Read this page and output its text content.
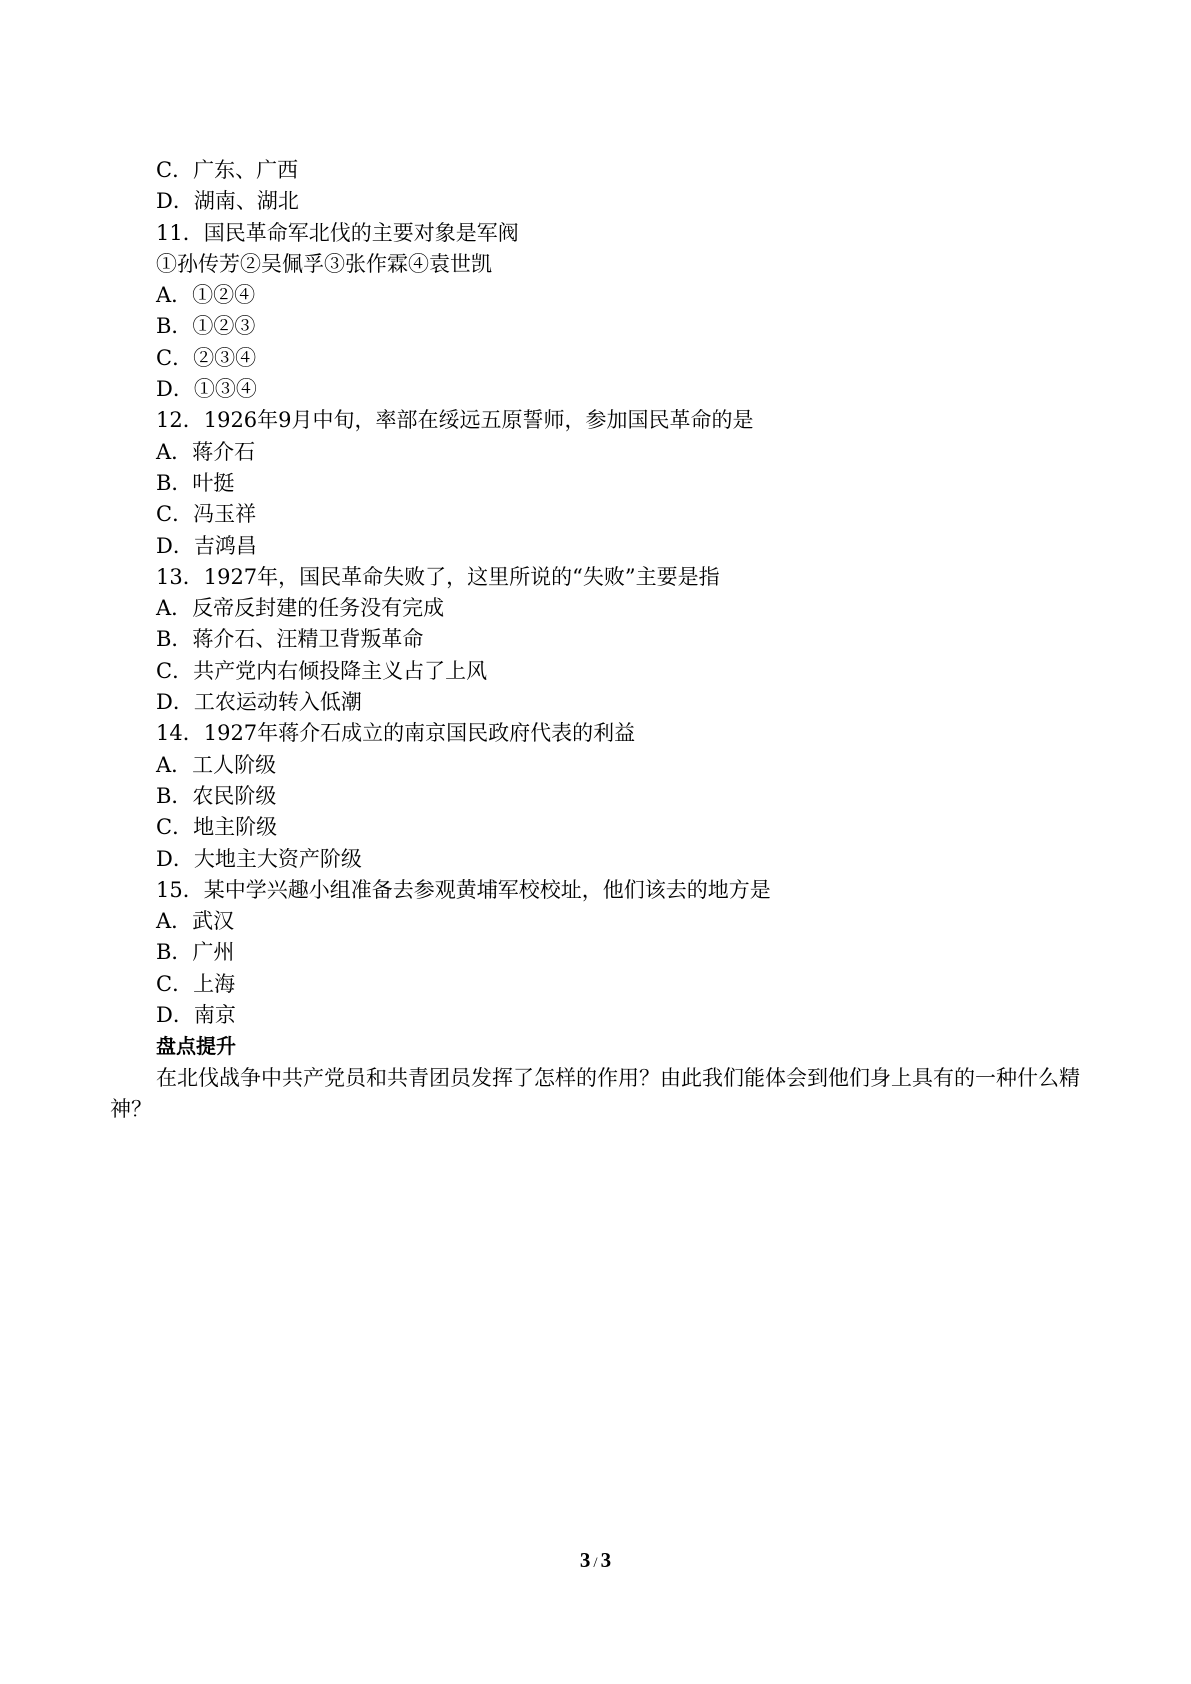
C．广东、广西
D．湖南、湖北
11．国民革命军北伐的主要对象是军阀
①孙传芳②吴佩孚③张作霖④袁世凯
A．①②④
B．①②③
C．②③④
D．①③④
12．1926年9月中旬，率部在绥远五原誓师，参加国民革命的是
A．蒋介石
B．叶挺
C．冯玉祥
D．吉鸿昌
13．1927年，国民革命失败了，这里所说的“失败”主要是指
A．反帝反封建的任务没有完成
B．蒋介石、汪精卫背叛革命
C．共产党内右倾投降主义占了上风
D．工农运动转入低潮
14．1927年蒋介石成立的南京国民政府代表的利益
A．工人阶级
B．农民阶级
C．地主阶级
D．大地主大资产阶级
15．某中学兴趣小组准备去参观黄埔军校校址，他们该去的地方是
A．武汉
B．广州
C．上海
D．南京
盘点提升

在北伐战争中共产党员和共青团员发挥了怎样的作用？由此我们能体会到他们身上具有的一种什么精神？

3 / 3
